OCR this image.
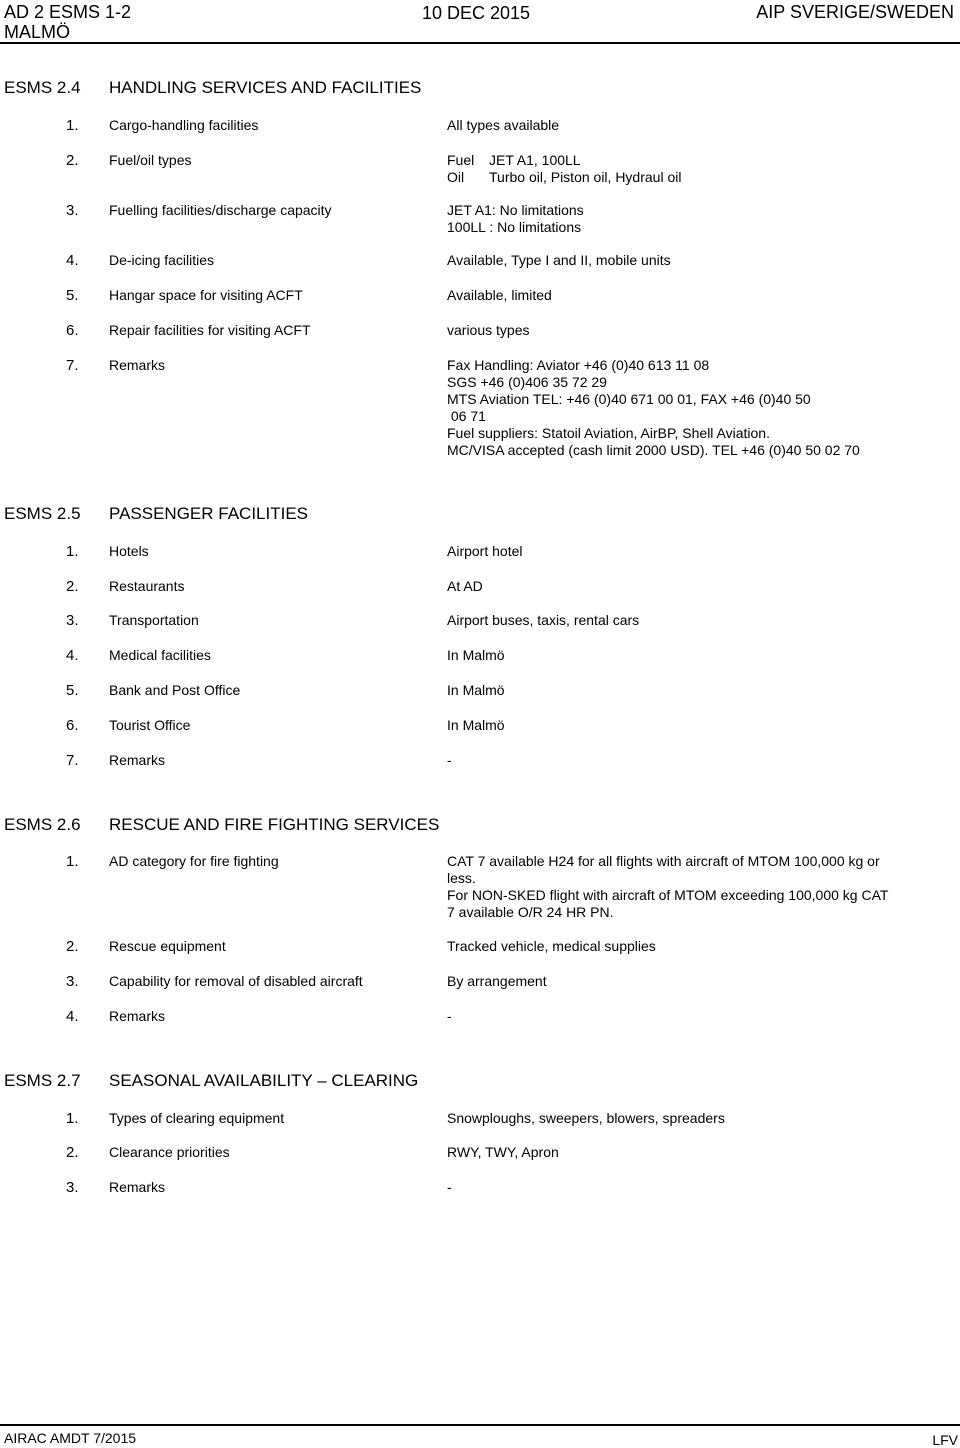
AD 2 ESMS 1-2
MALMÖ
10 DEC 2015	AIP SVERIGE/SWEDEN
ESMS 2.4 HANDLING SERVICES AND FACILITIES
1. Cargo-handling facilities	All types available
2. Fuel/oil types	Fuel	JET A1, 100LL
Oil	Turbo oil, Piston oil, Hydraul oil
3. Fuelling facilities/discharge capacity	JET A1: No limitations
100LL : No limitations
4. De-icing facilities	Available, Type I and II, mobile units
5. Hangar space for visiting ACFT	Available, limited
6. Repair facilities for visiting ACFT	various types
7. Remarks	Fax Handling: Aviator +46 (0)40 613 11 08
SGS +46 (0)406 35 72 29
MTS Aviation TEL: +46 (0)40 671 00 01, FAX +46 (0)40 50
06 71
Fuel suppliers: Statoil Aviation, AirBP, Shell Aviation.
MC/VISA accepted (cash limit 2000 USD). TEL +46 (0)40 50 02 70
ESMS 2.5 PASSENGER FACILITIES
1. Hotels	Airport hotel
2. Restaurants	At AD
3. Transportation	Airport buses, taxis, rental cars
4. Medical facilities	In Malmö
5. Bank and Post Office	In Malmö
6. Tourist Office	In Malmö
7. Remarks	-
ESMS 2.6 RESCUE AND FIRE FIGHTING SERVICES
1. AD category for fire fighting	CAT 7 available H24 for all flights with aircraft of MTOM 100,000 kg or
less.
For NON-SKED flight with aircraft of MTOM exceeding 100,000 kg CAT
7 available O/R 24 HR PN.
2. Rescue equipment	Tracked vehicle, medical supplies
3. Capability for removal of disabled aircraft	By arrangement
4. Remarks	-
ESMS 2.7 SEASONAL AVAILABILITY – CLEARING
1. Types of clearing equipment	Snowploughs, sweepers, blowers, spreaders
2. Clearance priorities	RWY, TWY, Apron
3. Remarks	-
AIRAC AMDT 7/2015	LFV
